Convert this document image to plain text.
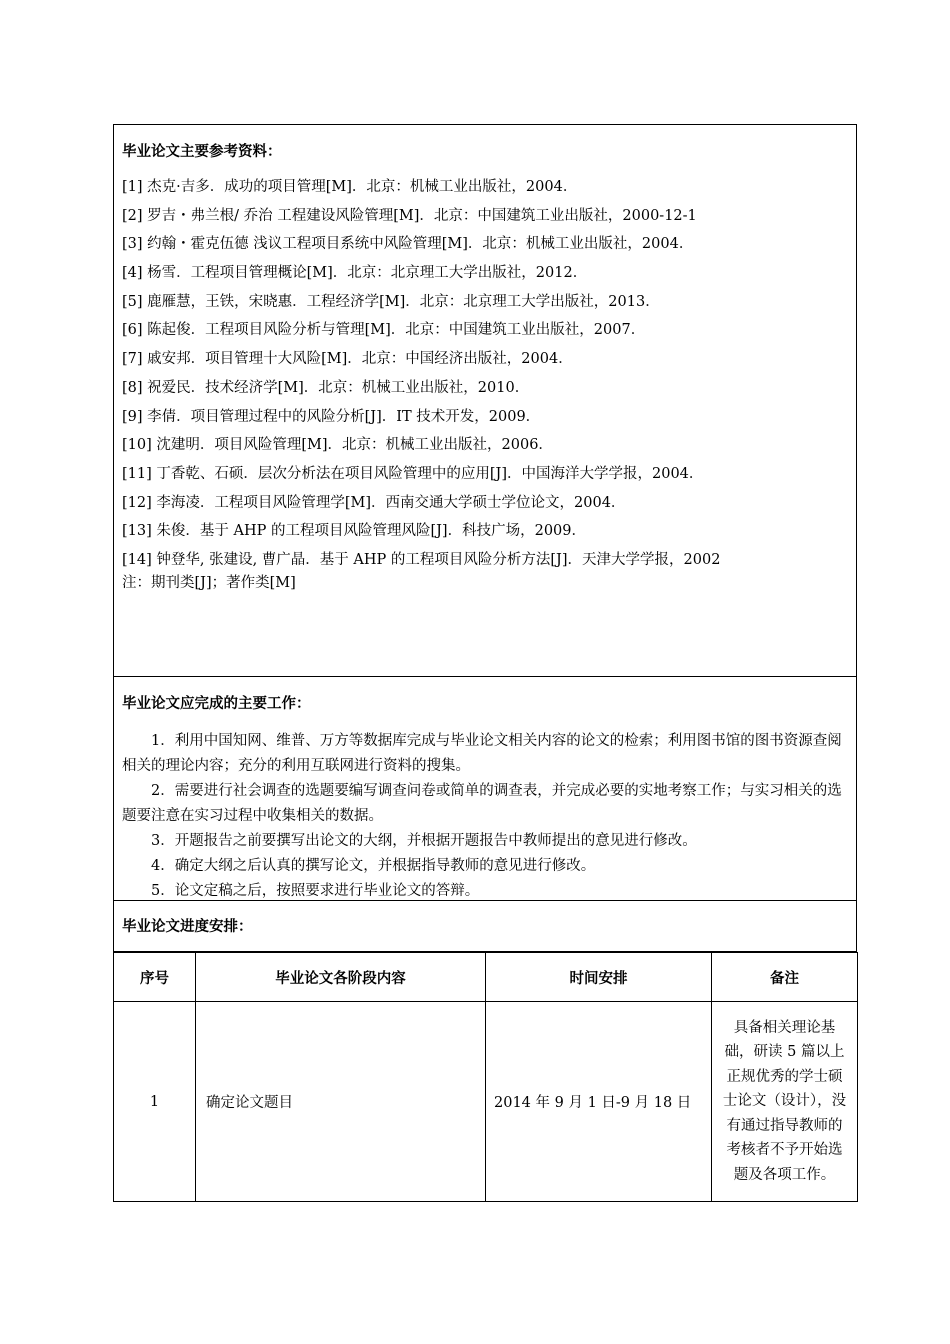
毕业论文主要参考资料：
[1] 杰克·吉多．成功的项目管理[M]．北京：机械工业出版社，2004．
[2] 罗吉・弗兰根/ 乔治 工程建设风险管理[M]．北京：中国建筑工业出版社，2000-12-1
[3] 约翰・霍克伍德 浅议工程项目系统中风险管理[M]．北京：机械工业出版社，2004．
[4] 杨雪．工程项目管理概论[M]．北京：北京理工大学出版社，2012．
[5] 鹿雁慧，王铁，宋晓惠．工程经济学[M]．北京：北京理工大学出版社，2013．
[6] 陈起俊．工程项目风险分析与管理[M]．北京：中国建筑工业出版社，2007．
[7] 戚安邦．项目管理十大风险[M]．北京：中国经济出版社，2004．
[8] 祝爱民．技术经济学[M]．北京：机械工业出版社，2010．
[9] 李倩．项目管理过程中的风险分析[J]．IT 技术开发，2009．
[10] 沈建明．项目风险管理[M]．北京：机械工业出版社，2006．
[11] 丁香乾、石硕．层次分析法在项目风险管理中的应用[J]．中国海洋大学学报，2004．
[12] 李海凌．工程项目风险管理学[M]．西南交通大学硕士学位论文，2004．
[13] 朱俊．基于 AHP 的工程项目风险管理风险[J]．科技广场，2009．
[14] 钟登华, 张建设, 曹广晶．基于 AHP 的工程项目风险分析方法[J]．天津大学学报，2002
注：期刊类[J]；著作类[M]
毕业论文应完成的主要工作：
1．利用中国知网、维普、万方等数据库完成与毕业论文相关内容的论文的检索；利用图书馆的图书资源查阅相关的理论内容；充分的利用互联网进行资料的搜集。
2．需要进行社会调查的选题要编写调查问卷或简单的调查表，并完成必要的实地考察工作；与实习相关的选题要注意在实习过程中收集相关的数据。
3．开题报告之前要撰写出论文的大纲，并根据开题报告中教师提出的意见进行修改。
4．确定大纲之后认真的撰写论文，并根据指导教师的意见进行修改。
5．论文定稿之后，按照要求进行毕业论文的答辩。
毕业论文进度安排：
序号	毕业论文各阶段内容	时间安排	备注
1	确定论文题目	2014 年 9 月 1 日-9 月 18 日	具备相关理论基础，研读 5 篇以上正规优秀的学士硕士论文（设计），没有通过指导教师的考核者不予开始选题及各项工作。
